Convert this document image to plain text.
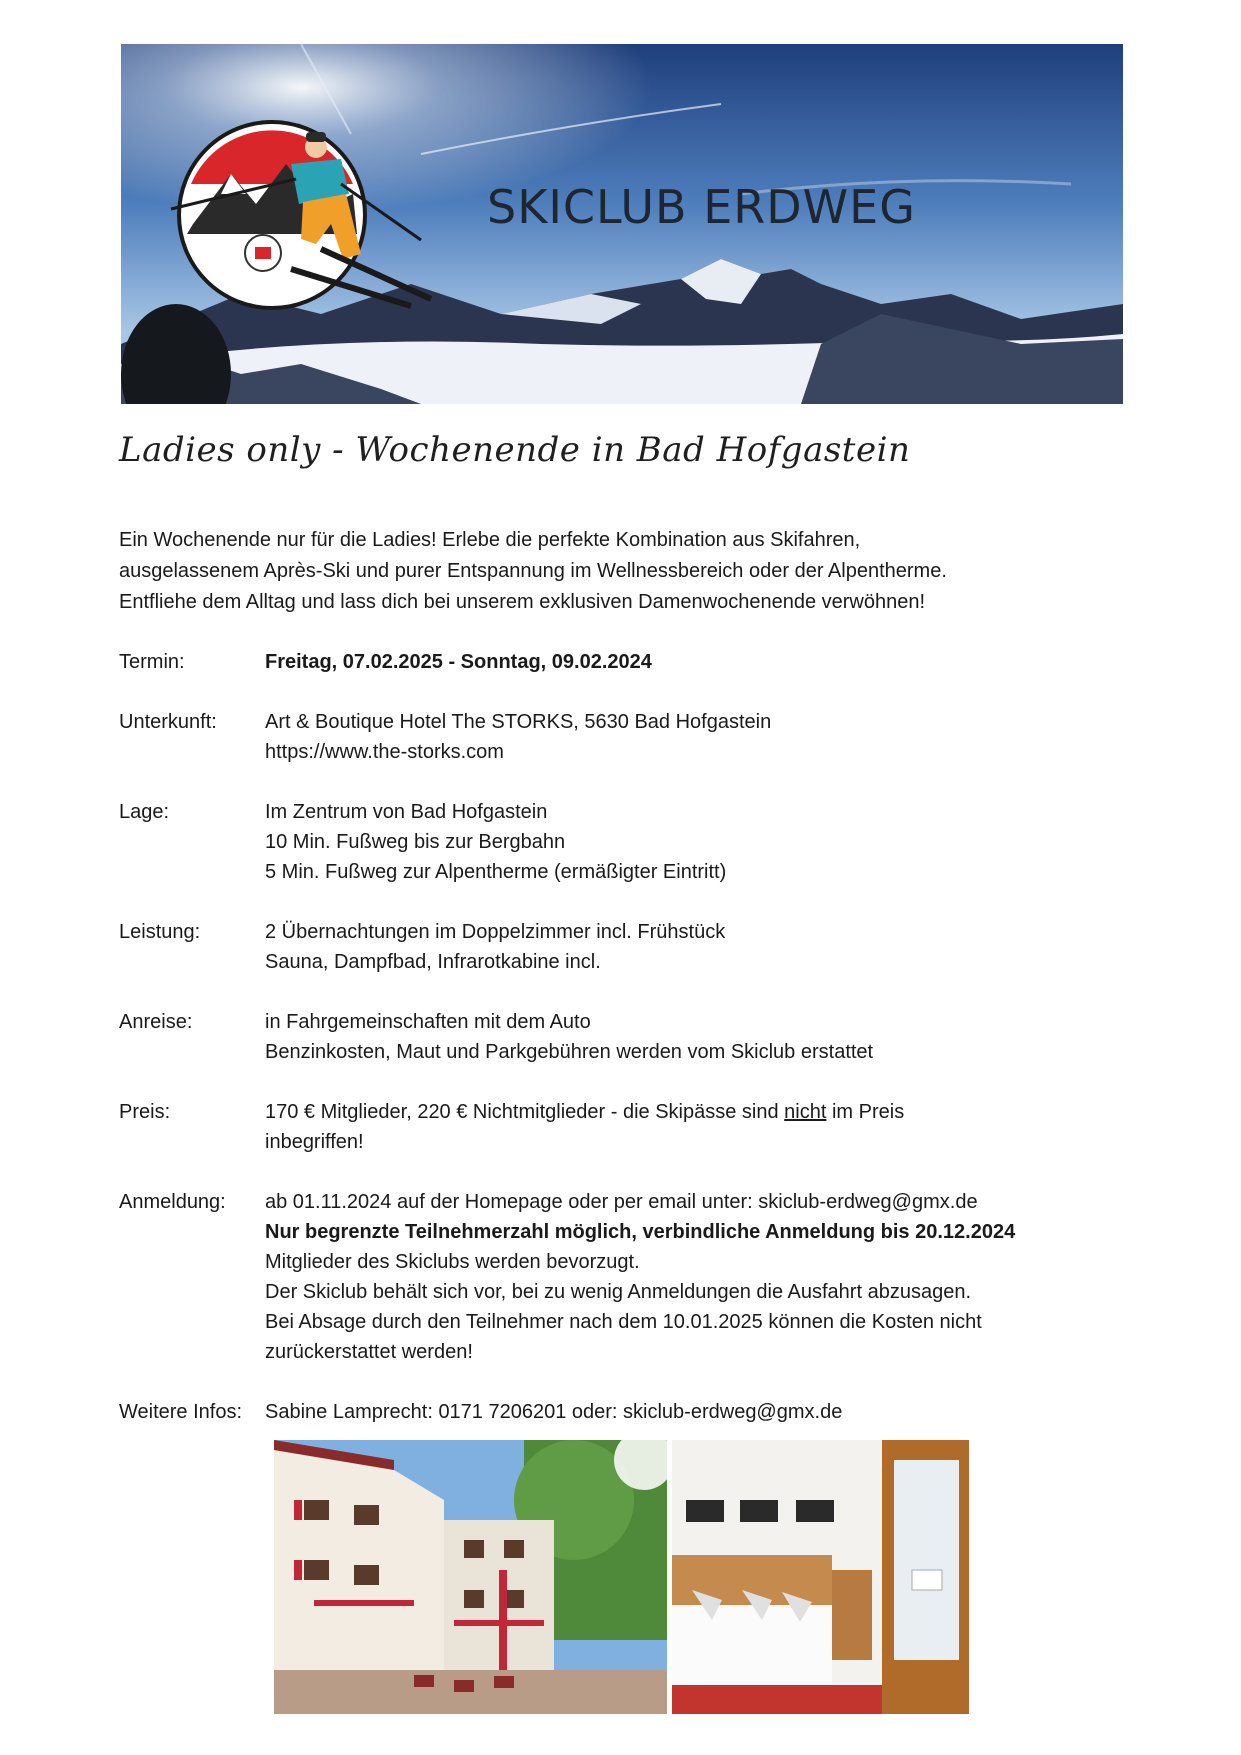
SKICLUB ERDWEG
Ladies only - Wochenende in Bad Hofgastein
Ein Wochenende nur für die Ladies! Erlebe die perfekte Kombination aus Skifahren,
ausgelassenem Après-Ski und purer Entspannung im Wellnessbereich oder der Alpentherme.
Entfliehe dem Alltag und lass dich bei unserem exklusiven Damenwochenende verwöhnen!
Termin:	Freitag, 07.02.2025 - Sonntag, 09.02.2024
Unterkunft: Art & Boutique Hotel The STORKS, 5630 Bad Hofgastein
https://www.the-storks.com
Lage:	Im Zentrum von Bad Hofgastein
10 Min. Fußweg bis zur Bergbahn
5 Min. Fußweg zur Alpentherme (ermäßigter Eintritt)
Leistung:	2 Übernachtungen im Doppelzimmer incl. Frühstück
Sauna, Dampfbad, Infrarotkabine incl.
Anreise:	in Fahrgemeinschaften mit dem Auto
Benzinkosten, Maut und Parkgebühren werden vom Skiclub erstattet
Preis:	170 € Mitglieder, 220 € Nichtmitglieder - die Skipässe sind nicht im Preis
inbegriffen!
Anmeldung: ab 01.11.2024 auf der Homepage oder per email unter: skiclub-erdweg@gmx.de
Nur begrenzte Teilnehmerzahl möglich, verbindliche Anmeldung bis 20.12.2024
Mitglieder des Skiclubs werden bevorzugt.
Der Skiclub behält sich vor, bei zu wenig Anmeldungen die Ausfahrt abzusagen.
Bei Absage durch den Teilnehmer nach dem 10.01.2025 können die Kosten nicht
zurückerstattet werden!
Weitere Infos: Sabine Lamprecht: 0171 7206201 oder: skiclub-erdweg@gmx.de
